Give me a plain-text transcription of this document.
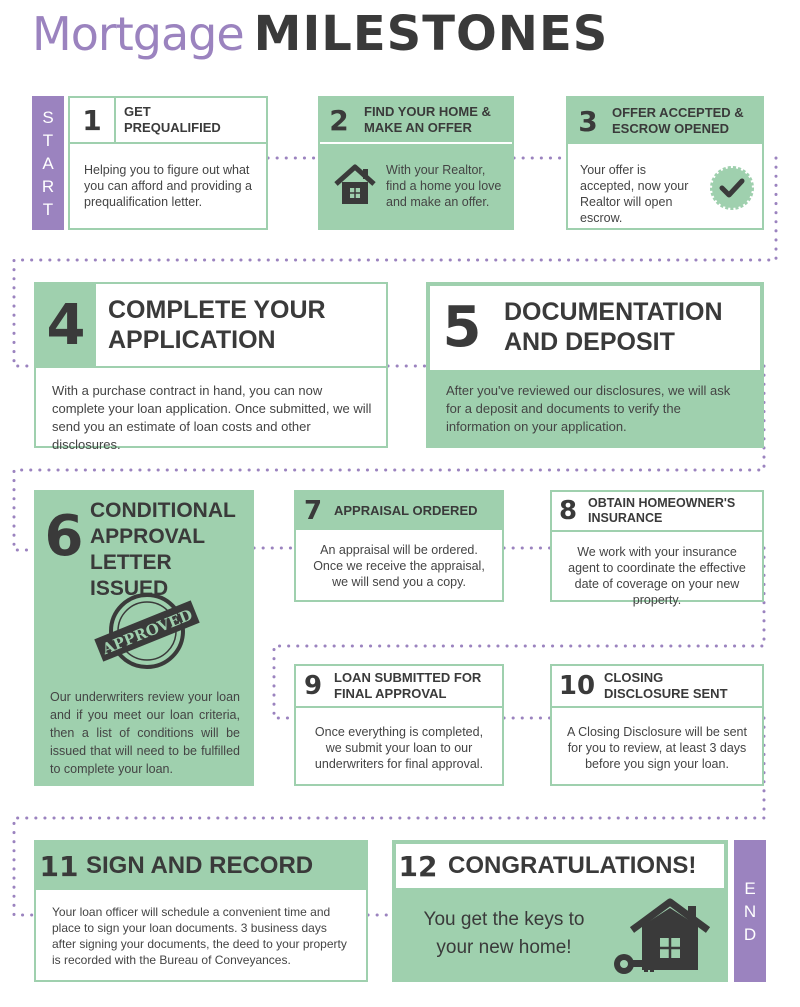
Mortgage MILESTONES
S
T
A
R
T
1	GET PREQUALIFIED
Helping you to figure out what you can afford and providing a prequalification letter.
2	FIND YOUR HOME & MAKE AN OFFER
With your Realtor, find a home you love and make an offer.
3	OFFER ACCEPTED & ESCROW OPENED
Your offer is accepted, now your Realtor will open escrow.
4 COMPLETE YOUR APPLICATION
With a purchase contract in hand, you can now complete your loan application. Once submitted, we will send you an estimate of loan costs and other disclosures.
5 DOCUMENTATION AND DEPOSIT
After you've reviewed our disclosures, we will ask for a deposit and documents to verify the information on your application.
6 CONDITIONAL APPROVAL LETTER ISSUED
APPROVED
Our underwriters review your loan and if you meet our loan criteria, then a list of conditions will be issued that will need to be fulfilled to complete your loan.
7 APPRAISAL ORDERED
An appraisal will be ordered. Once we receive the appraisal, we will send you a copy.
8 OBTAIN HOMEOWNER'S INSURANCE
We work with your insurance agent to coordinate the effective date of coverage on your new property.
9 LOAN SUBMITTED FOR FINAL APPROVAL
Once everything is completed, we submit your loan to our underwriters for final approval.
10 CLOSING DISCLOSURE SENT
A Closing Disclosure will be sent for you to review, at least 3 days before you sign your loan.
11 SIGN AND RECORD
Your loan officer will schedule a convenient time and place to sign your loan documents. 3 business days after signing your documents, the deed to your property is recorded with the Bureau of Conveyances.
12 CONGRATULATIONS!
You get the keys to your new home!
E
N
D
